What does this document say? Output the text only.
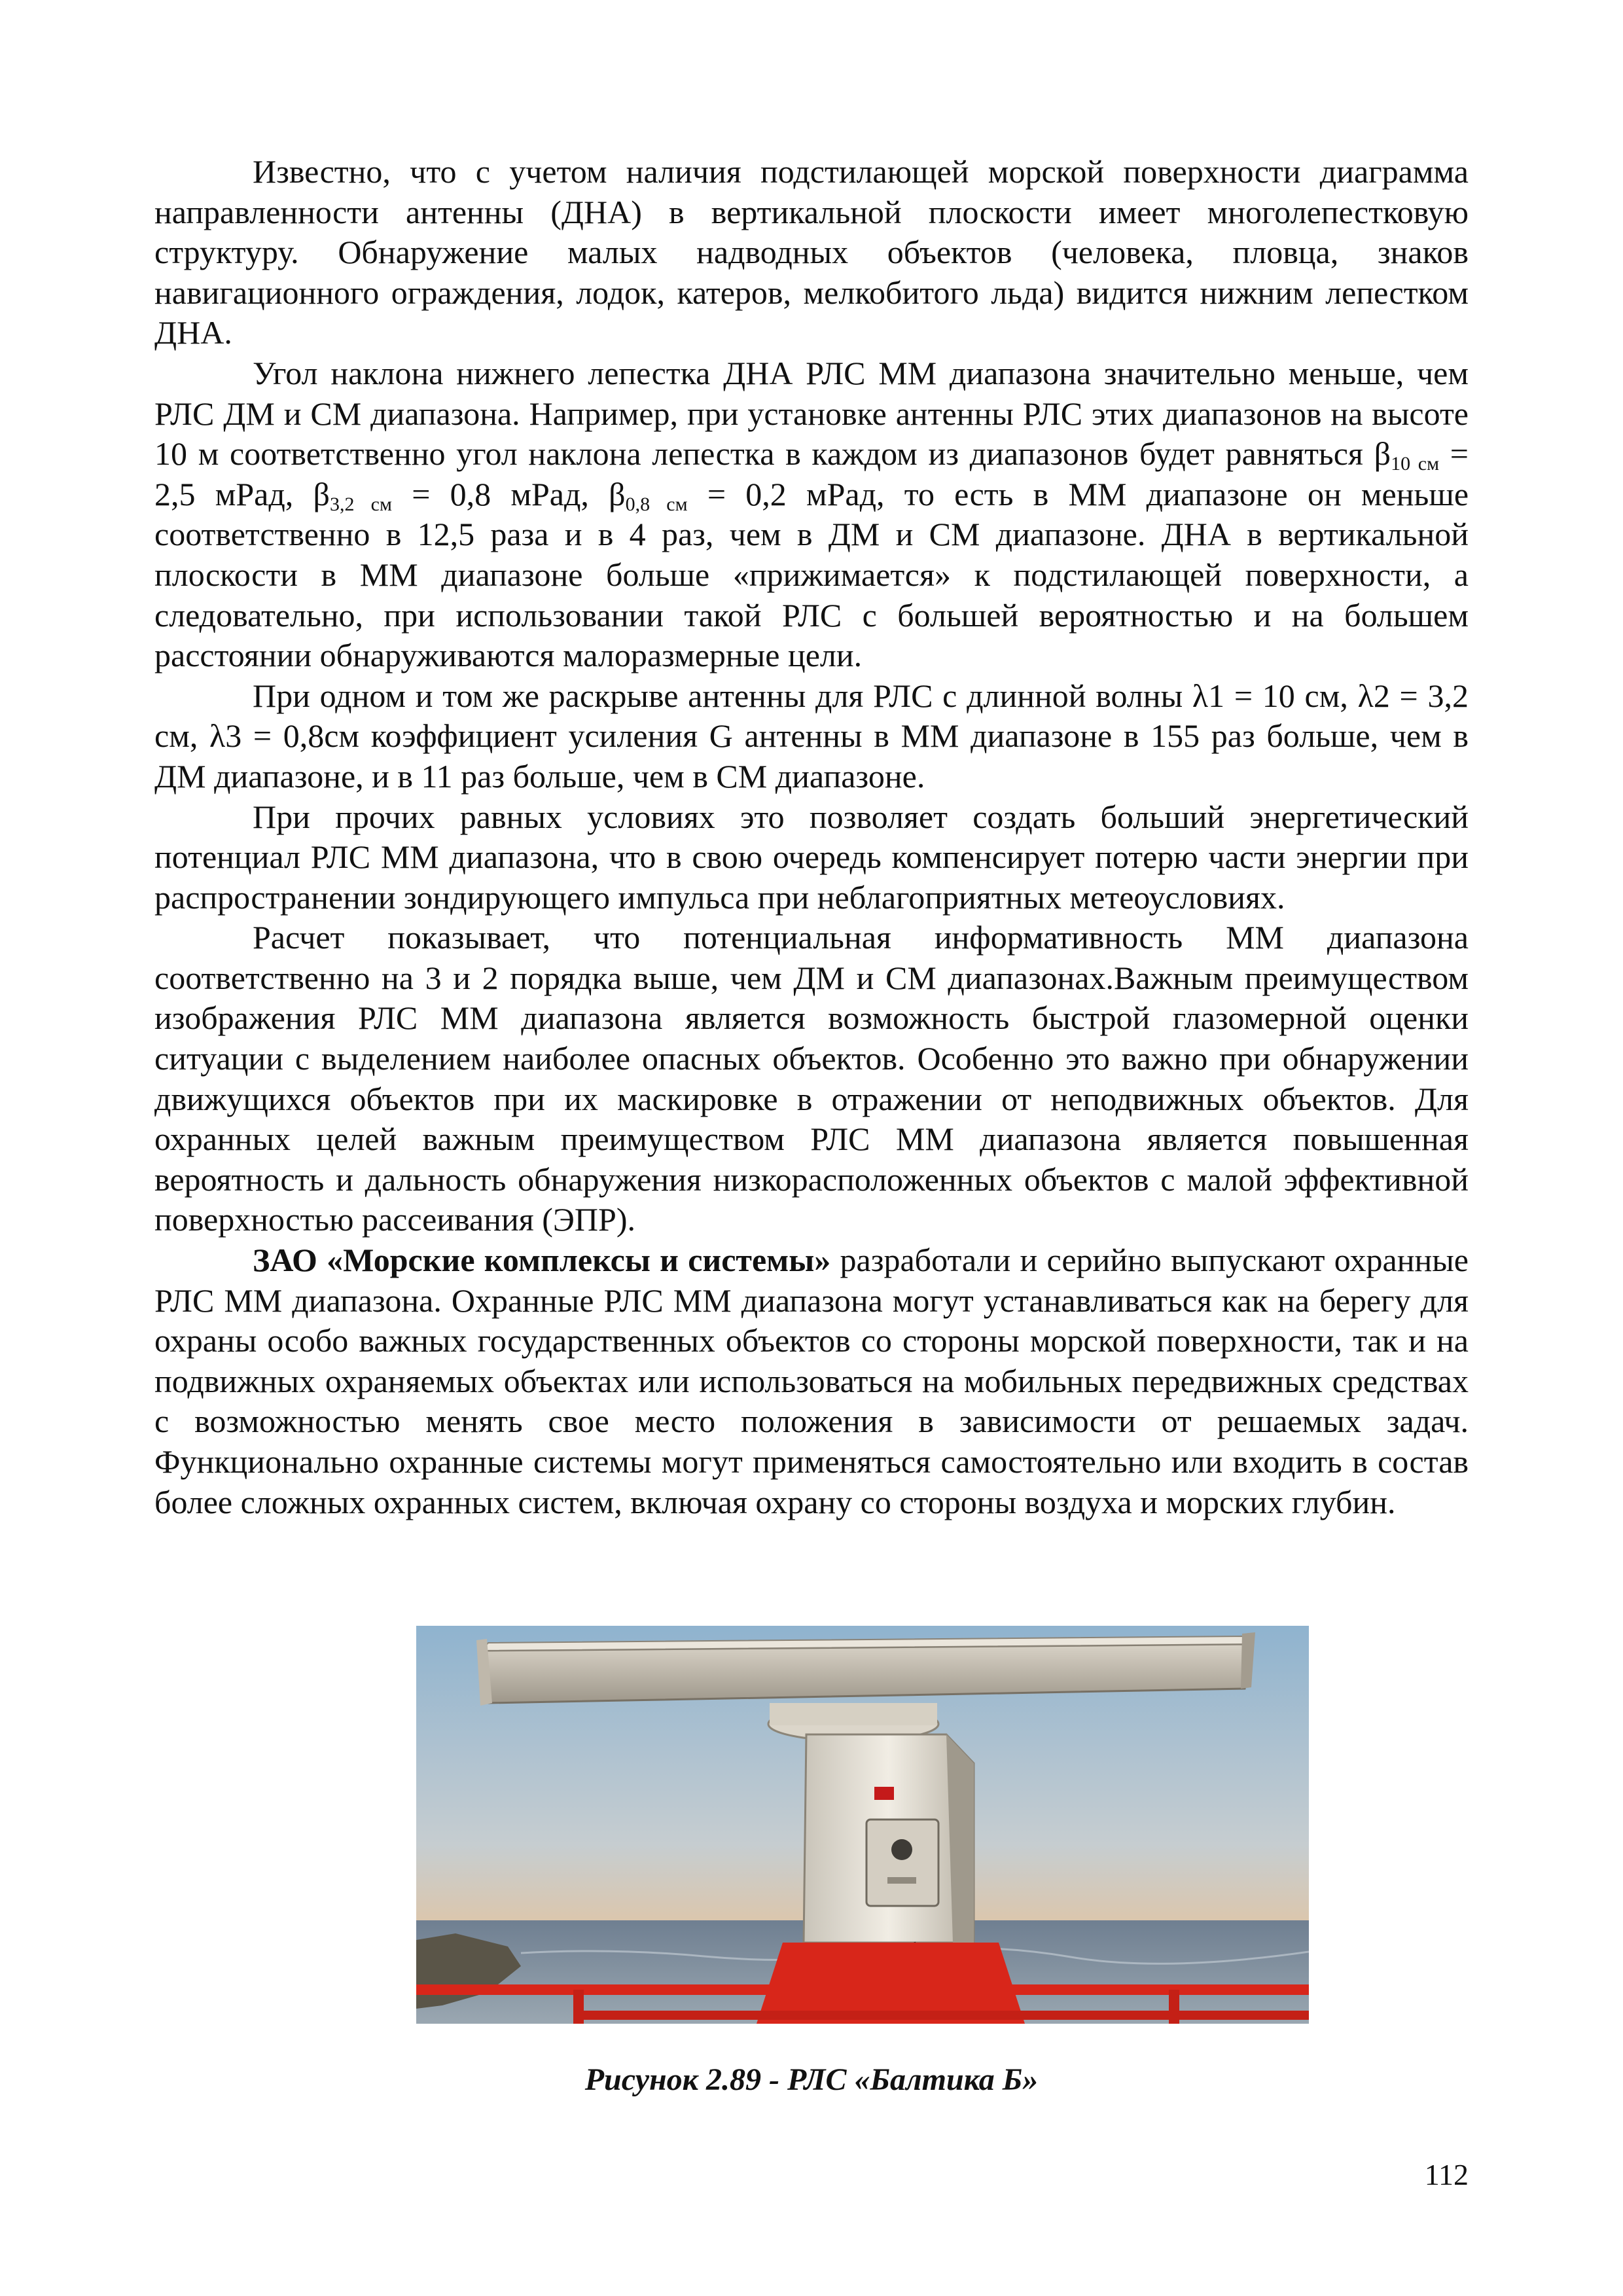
Известно, что с учетом наличия подстилающей морской поверхности диаграмма направленности антенны (ДНА) в вертикальной плоскости имеет многолепестковую структуру. Обнаружение малых надводных объектов (человека, пловца, знаков навигационного ограждения, лодок, катеров, мелкобитого льда) видится нижним лепестком ДНА.

Угол наклона нижнего лепестка ДНА РЛС ММ диапазона значительно меньше, чем РЛС ДМ и СМ диапазона. Например, при установке антенны РЛС этих диапазонов на высоте 10 м соответственно угол наклона лепестка в каждом из диапазонов будет равняться $\beta_{10 см} = 2,5$ мРад, $\beta_{3,2 см} = 0,8$ мРад, $\beta_{0,8 см} = 0,2$ мРад, то есть в ММ диапазоне он меньше соответственно в 12,5 раза и в 4 раз, чем в ДМ и СМ диапазоне. ДНА в вертикальной плоскости в ММ диапазоне больше «прижимается» к подстилающей поверхности, а следовательно, при использовании такой РЛС с большей вероятностью и на большем расстоянии обнаруживаются малоразмерные цели.

При одном и том же раскрыве антенны для РЛС с длинной волны λ1 = 10 см, λ2 = 3,2 см, λ3 = 0,8см коэффициент усиления G антенны в ММ диапазоне в 155 раз больше, чем в ДМ диапазоне, и в 11 раз больше, чем в СМ диапазоне.

При прочих равных условиях это позволяет создать больший энергетический потенциал РЛС ММ диапазона, что в свою очередь компенсирует потерю части энергии при распространении зондирующего импульса при неблагоприятных метеоусловиях.

Расчет показывает, что потенциальная информативность ММ диапазона соответственно на 3 и 2 порядка выше, чем ДМ и СМ диапазонах.Важным преимуществом изображения РЛС ММ диапазона является возможность быстрой глазомерной оценки ситуации с выделением наиболее опасных объектов. Особенно это важно при обнаружении движущихся объектов при их маскировке в отражении от неподвижных объектов. Для охранных целей важным преимуществом РЛС ММ диапазона является повышенная вероятность и дальность обнаружения низкорасположенных объектов с малой эффективной поверхностью рассеивания (ЭПР).

ЗАО «Морские комплексы и системы» разработали и серийно выпускают охранные РЛС ММ диапазона. Охранные РЛС ММ диапазона могут устанавливаться как на берегу для охраны особо важных государственных объектов со стороны морской поверхности, так и на подвижных охраняемых объектах или использоваться на мобильных передвижных средствах с возможностью менять свое место положения в зависимости от решаемых задач. Функционально охранные системы могут применяться самостоятельно или входить в состав более сложных охранных систем, включая охрану со стороны воздуха и морских глубин.

Рисунок 2.89 - РЛС «Балтика Б»
112
